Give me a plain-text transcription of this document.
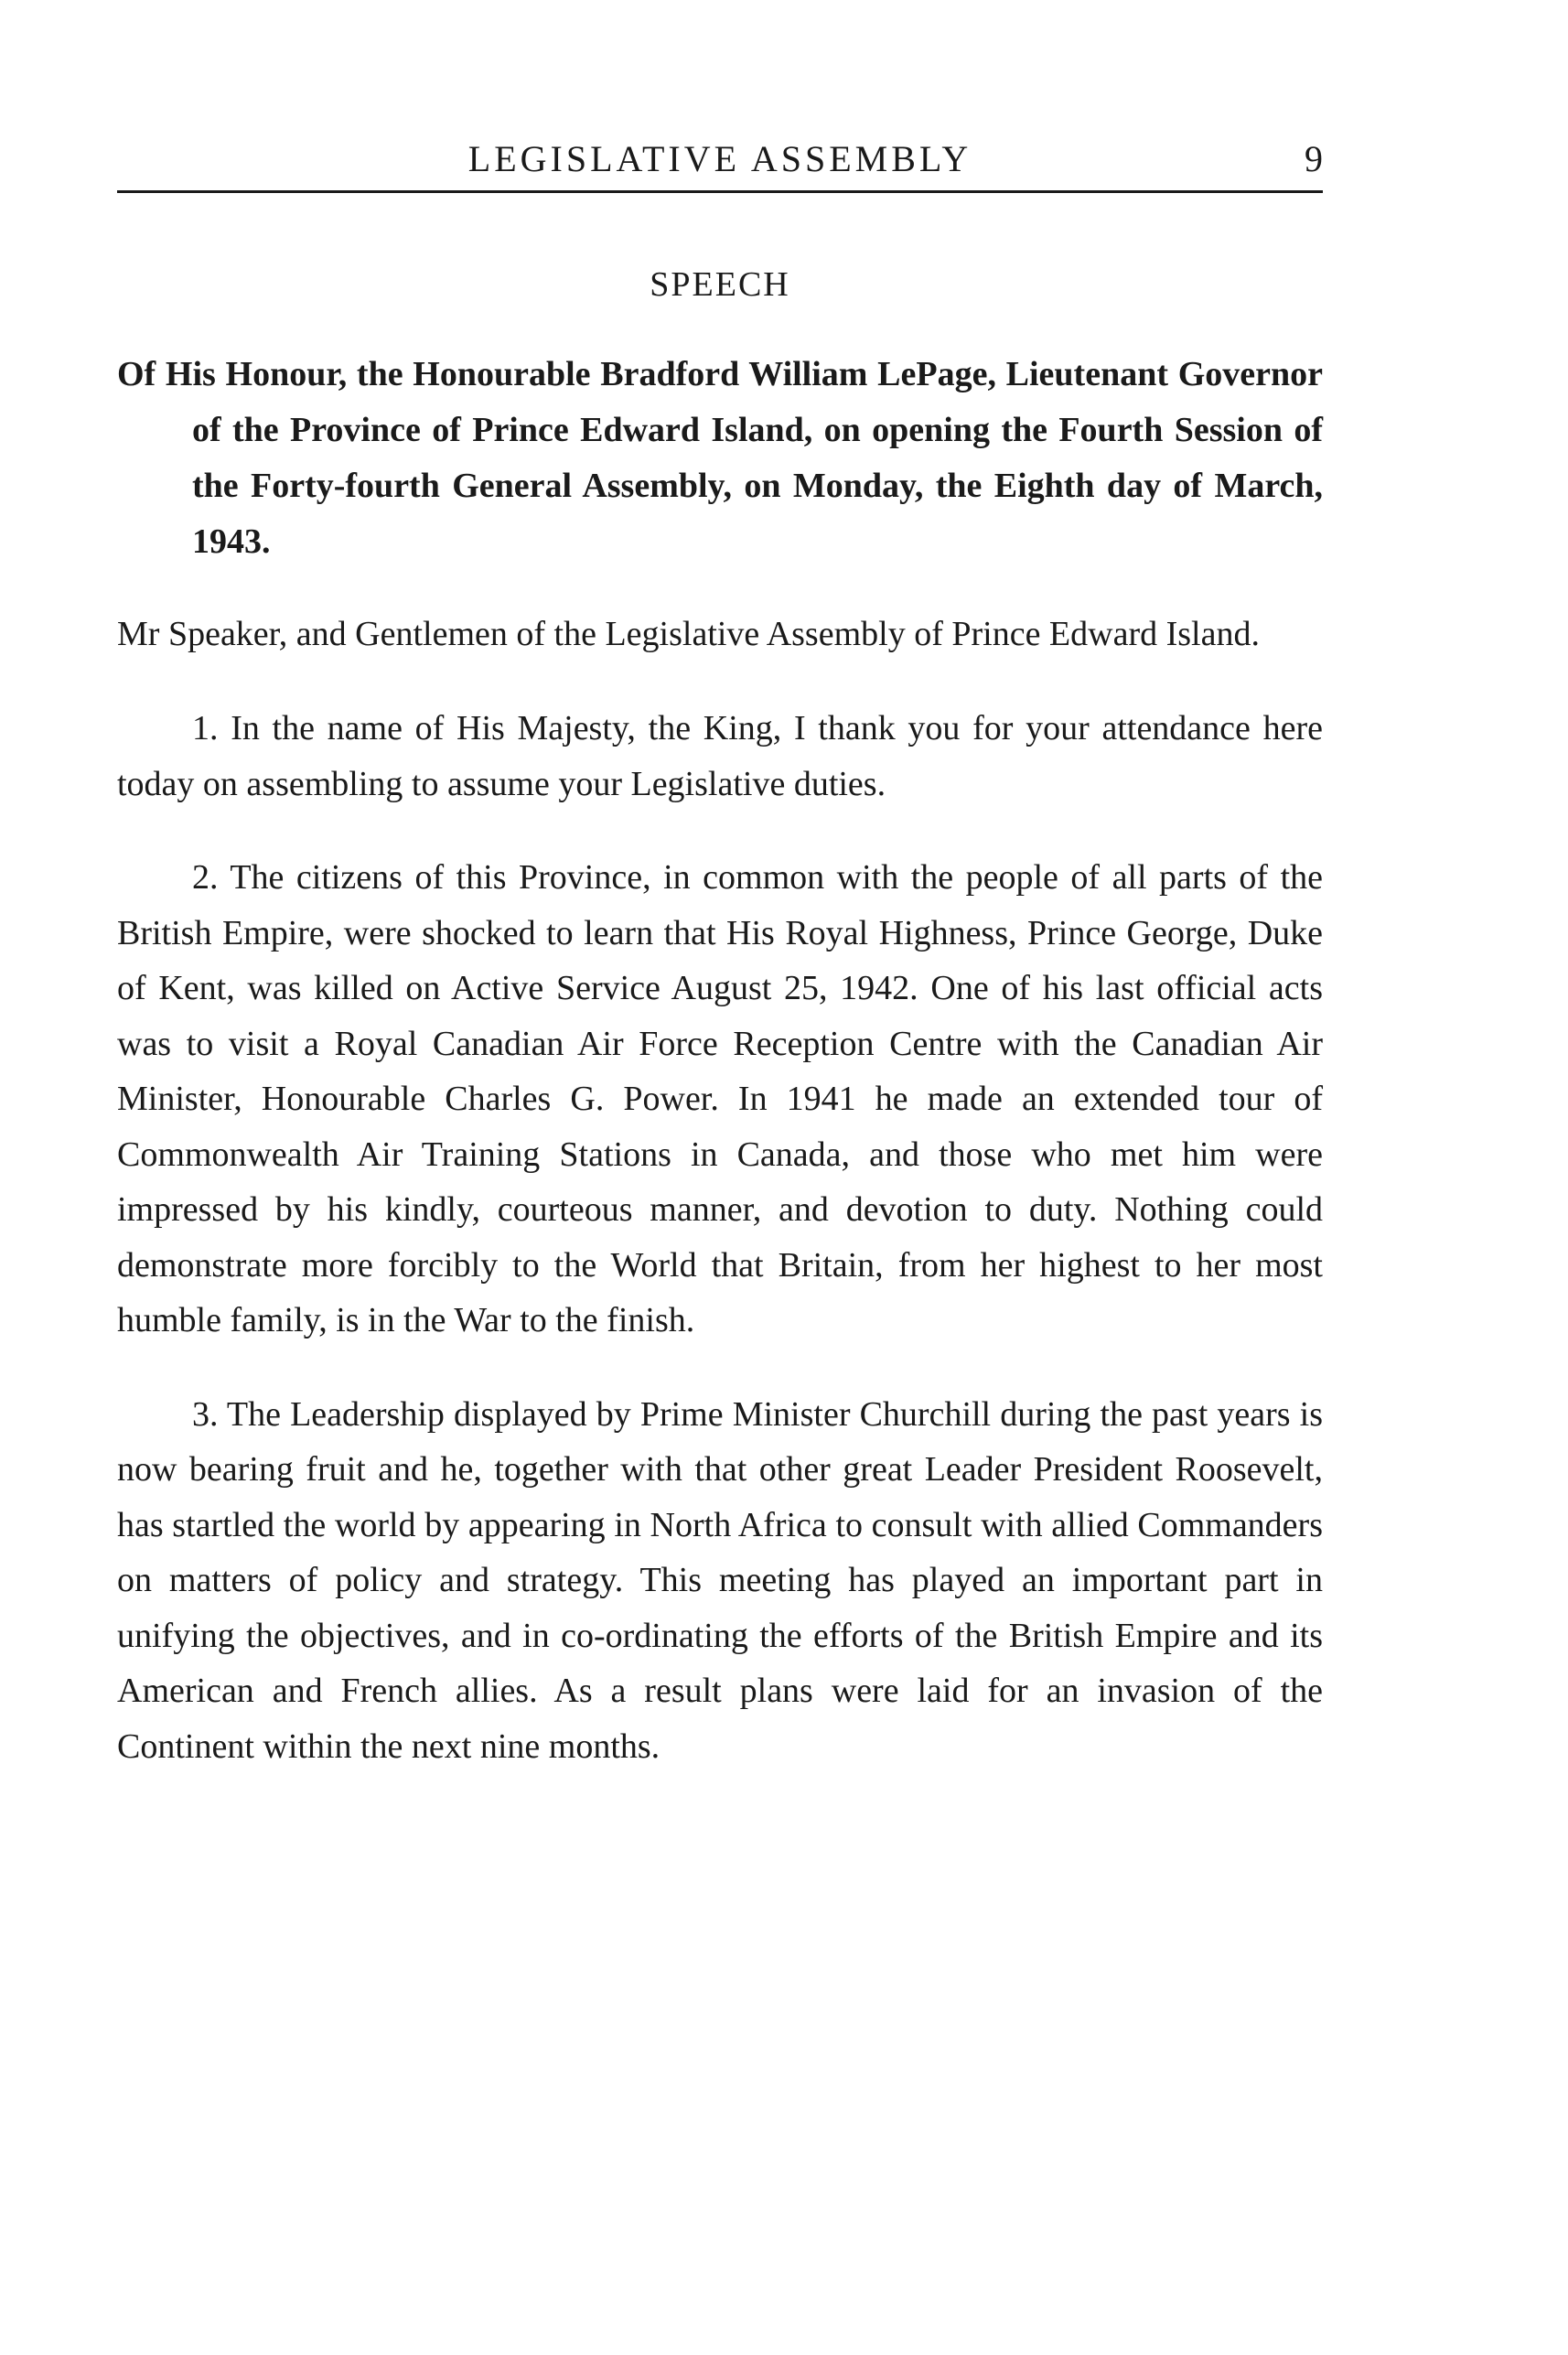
LEGISLATIVE ASSEMBLY	9
SPEECH
Of His Honour, the Honourable Bradford William LePage, Lieutenant Governor of the Province of Prince Edward Island, on opening the Fourth Session of the Forty-fourth General Assembly, on Monday, the Eighth day of March, 1943.
Mr Speaker, and Gentlemen of the Legislative Assembly of Prince Edward Island.

1. In the name of His Majesty, the King, I thank you for your attendance here today on assembling to assume your Legislative duties.

2. The citizens of this Province, in common with the people of all parts of the British Empire, were shocked to learn that His Royal Highness, Prince George, Duke of Kent, was killed on Active Service August 25, 1942. One of his last official acts was to visit a Royal Canadian Air Force Reception Centre with the Canadian Air Minister, Honourable Charles G. Power. In 1941 he made an extended tour of Commonwealth Air Training Stations in Canada, and those who met him were impressed by his kindly, courteous manner, and devotion to duty. Nothing could demonstrate more forcibly to the World that Britain, from her highest to her most humble family, is in the War to the finish.

3. The Leadership displayed by Prime Minister Churchill during the past years is now bearing fruit and he, together with that other great Leader President Roosevelt, has startled the world by appearing in North Africa to consult with allied Commanders on matters of policy and strategy. This meeting has played an important part in unifying the objectives, and in co-ordinating the efforts of the British Empire and its American and French allies. As a result plans were laid for an invasion of the Continent within the next nine months.
